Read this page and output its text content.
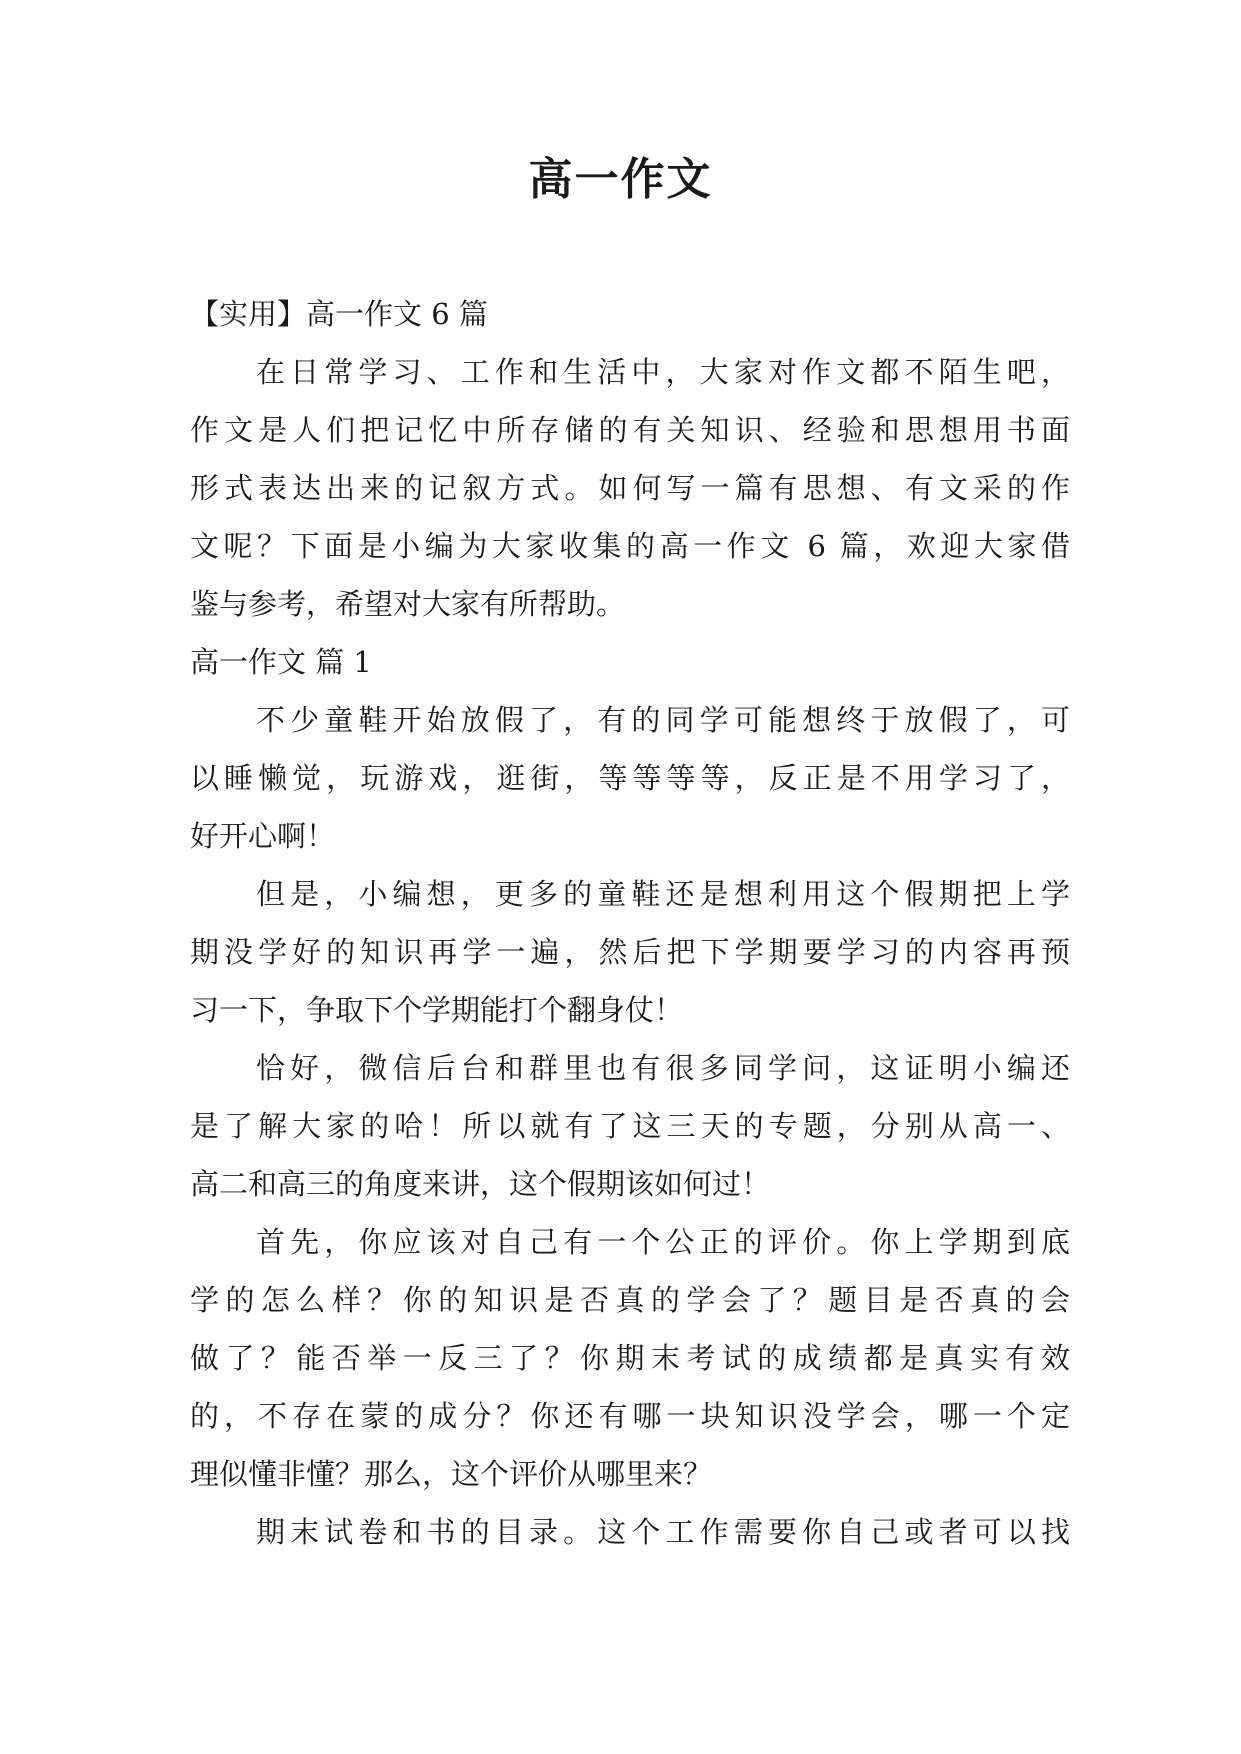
高一作文

【实用】高一作文 6 篇

在日常学习、工作和生活中，大家对作文都不陌生吧，

作文是人们把记忆中所存储的有关知识、经验和思想用书面

形式表达出来的记叙方式。如何写一篇有思想、有文采的作

文呢？下面是小编为大家收集的高一作文 6 篇，欢迎大家借

鉴与参考，希望对大家有所帮助。

高一作文 篇 1

不少童鞋开始放假了，有的同学可能想终于放假了，可

以睡懒觉，玩游戏，逛街，等等等等，反正是不用学习了，

好开心啊！

但是，小编想，更多的童鞋还是想利用这个假期把上学

期没学好的知识再学一遍，然后把下学期要学习的内容再预

习一下，争取下个学期能打个翻身仗！

恰好，微信后台和群里也有很多同学问，这证明小编还

是了解大家的哈！所以就有了这三天的专题，分别从高一、

高二和高三的角度来讲，这个假期该如何过！

首先，你应该对自己有一个公正的评价。你上学期到底

学的怎么样？你的知识是否真的学会了？题目是否真的会

做了？能否举一反三了？你期末考试的成绩都是真实有效

的，不存在蒙的成分？你还有哪一块知识没学会，哪一个定

理似懂非懂？那么，这个评价从哪里来？

期末试卷和书的目录。这个工作需要你自己或者可以找
